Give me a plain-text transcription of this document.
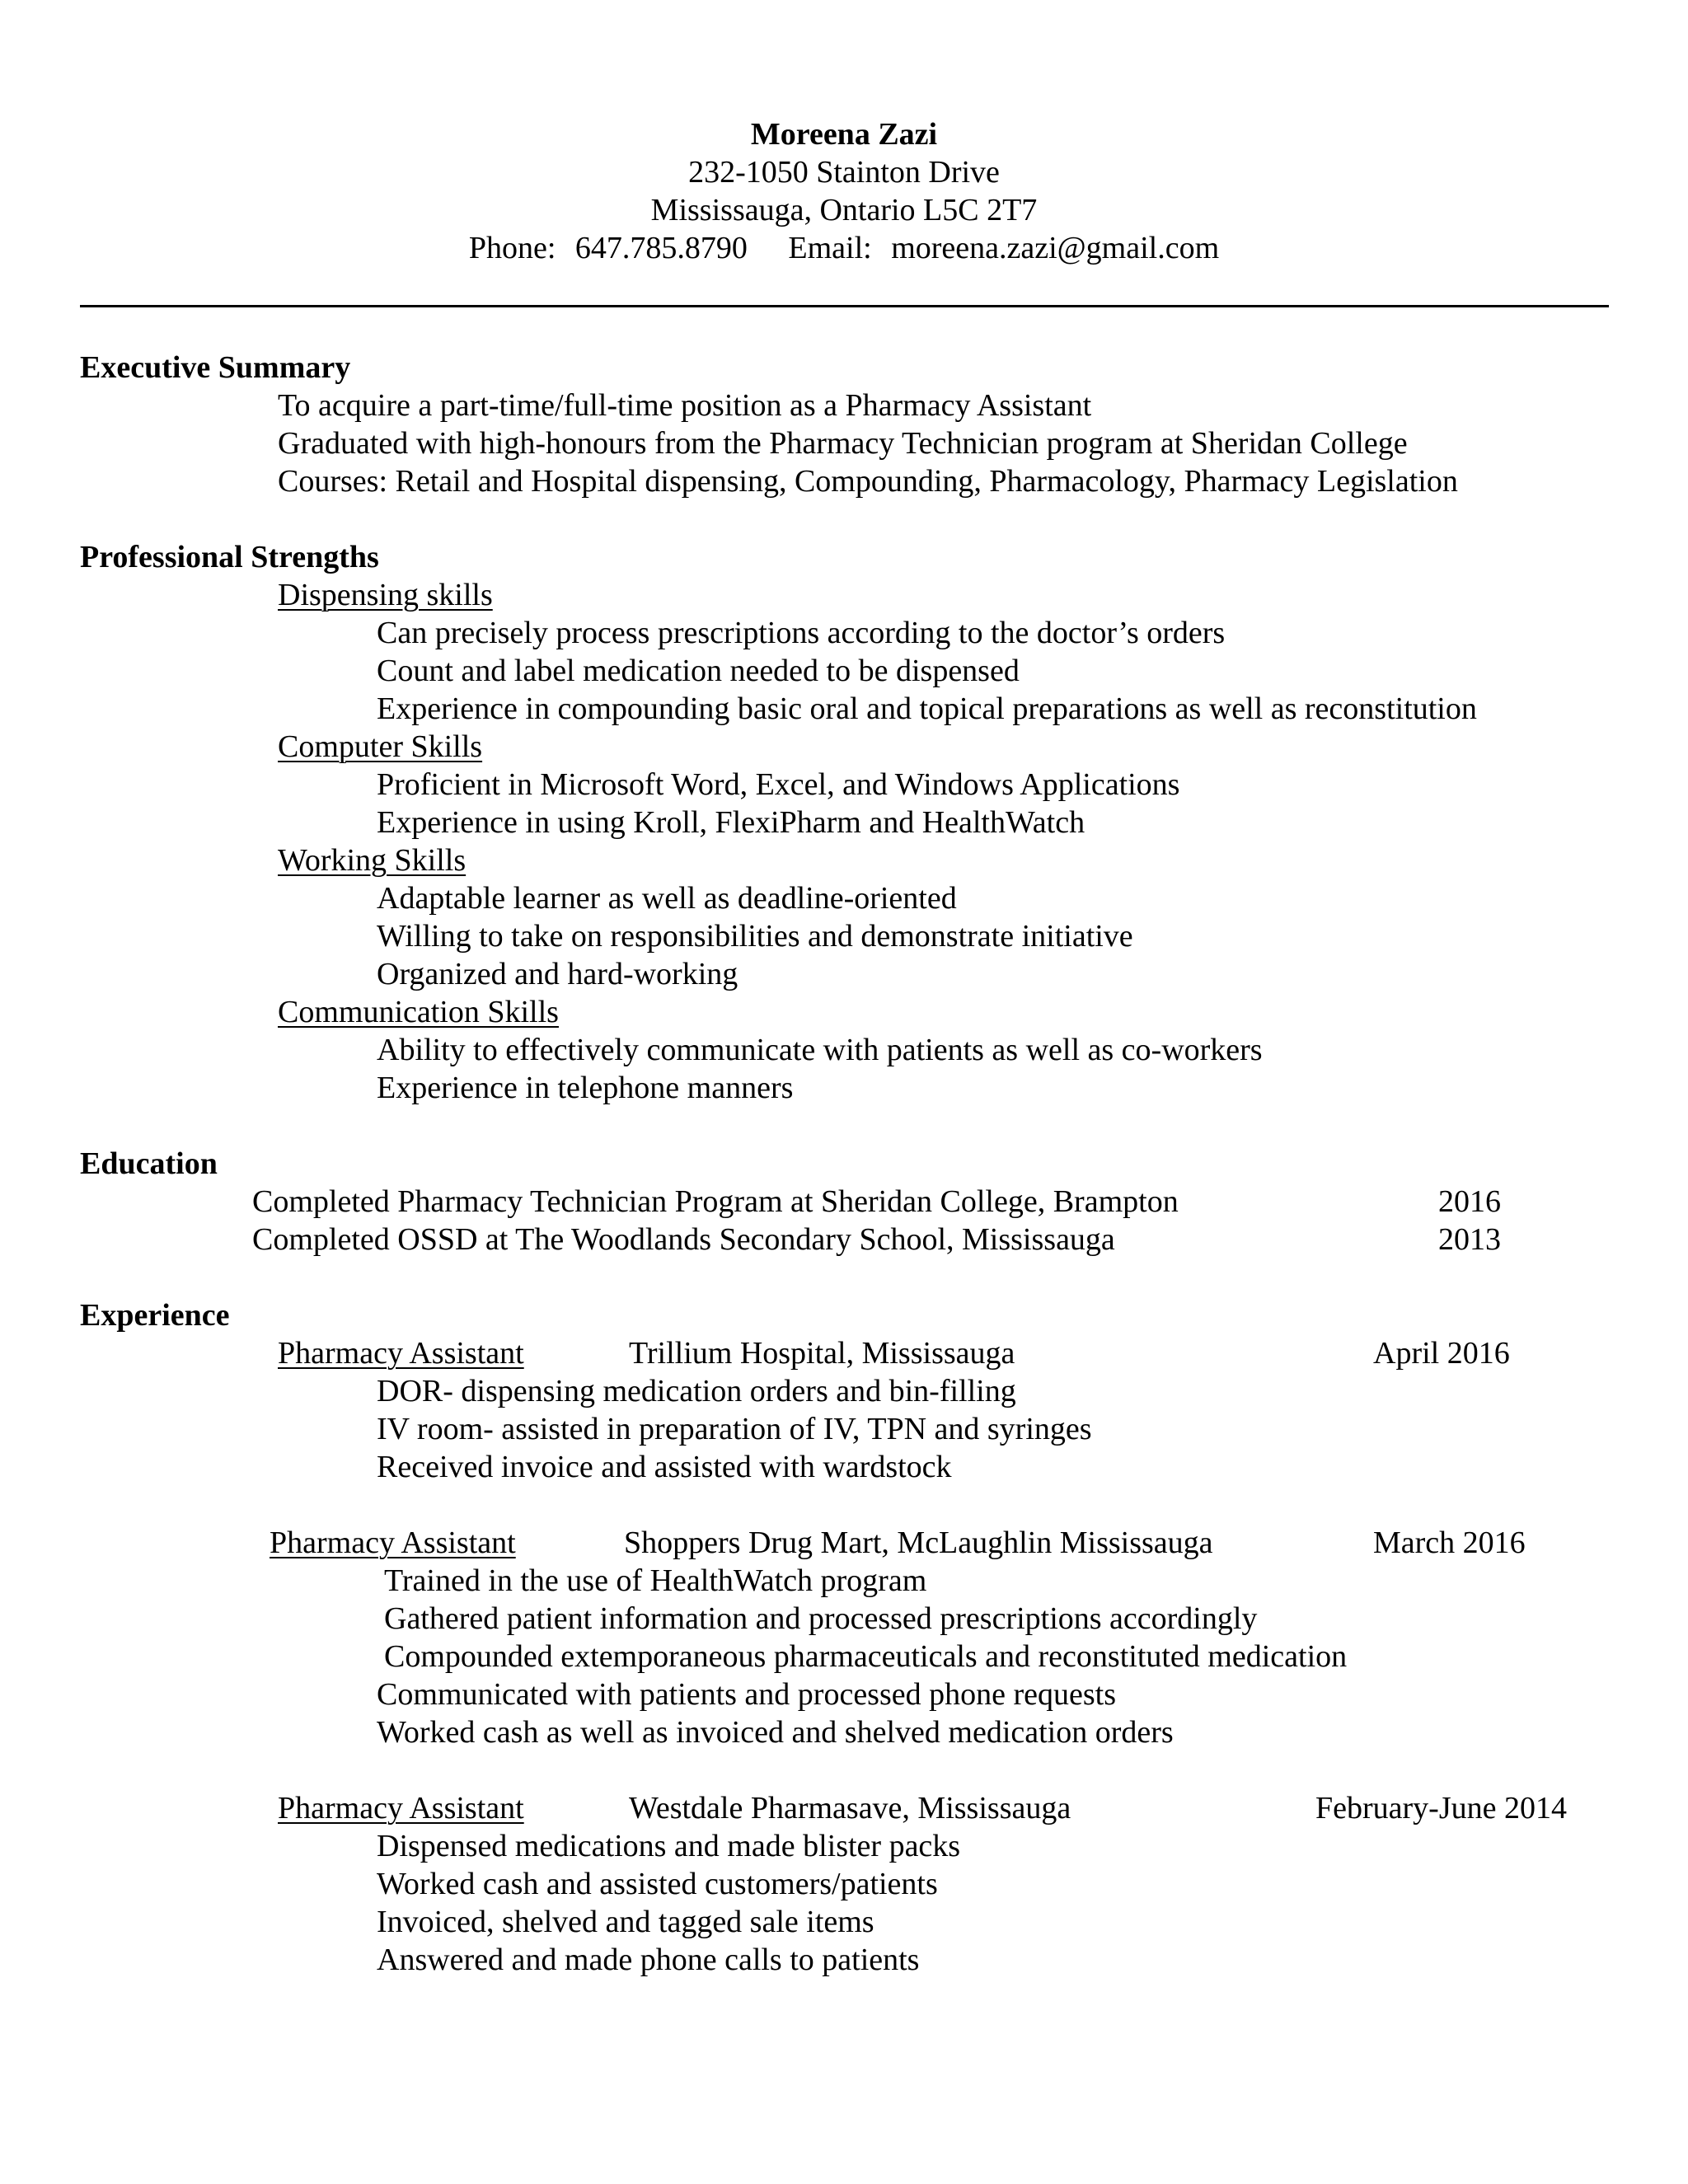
Moreena Zazi
232-1050 Stainton Drive
Mississauga, Ontario L5C 2T7
Phone: 647.785.8790 Email: moreena.zazi@gmail.com
Executive Summary
To acquire a part-time/full-time position as a Pharmacy Assistant
Graduated with high-honours from the Pharmacy Technician program at Sheridan College
Courses: Retail and Hospital dispensing, Compounding, Pharmacology, Pharmacy Legislation
Professional Strengths
Dispensing skills
Can precisely process prescriptions according to the doctor’s orders
Count and label medication needed to be dispensed
Experience in compounding basic oral and topical preparations as well as reconstitution
Computer Skills
Proficient in Microsoft Word, Excel, and Windows Applications
Experience in using Kroll, FlexiPharm and HealthWatch
Working Skills
Adaptable learner as well as deadline-oriented
Willing to take on responsibilities and demonstrate initiative
Organized and hard-working
Communication Skills
Ability to effectively communicate with patients as well as co-workers
Experience in telephone manners
Education
Completed Pharmacy Technician Program at Sheridan College, Brampton	2016
Completed OSSD at The Woodlands Secondary School, Mississauga	2013
Experience
Pharmacy Assistant	Trillium Hospital, Mississauga	April 2016
DOR- dispensing medication orders and bin-filling
IV room- assisted in preparation of IV, TPN and syringes
Received invoice and assisted with wardstock
Pharmacy Assistant	Shoppers Drug Mart, McLaughlin Mississauga	March 2016
Trained in the use of HealthWatch program
Gathered patient information and processed prescriptions accordingly
Compounded extemporaneous pharmaceuticals and reconstituted medication
Communicated with patients and processed phone requests
Worked cash as well as invoiced and shelved medication orders
Pharmacy Assistant	Westdale Pharmasave, Mississauga	February-June 2014
Dispensed medications and made blister packs
Worked cash and assisted customers/patients
Invoiced, shelved and tagged sale items
Answered and made phone calls to patients
